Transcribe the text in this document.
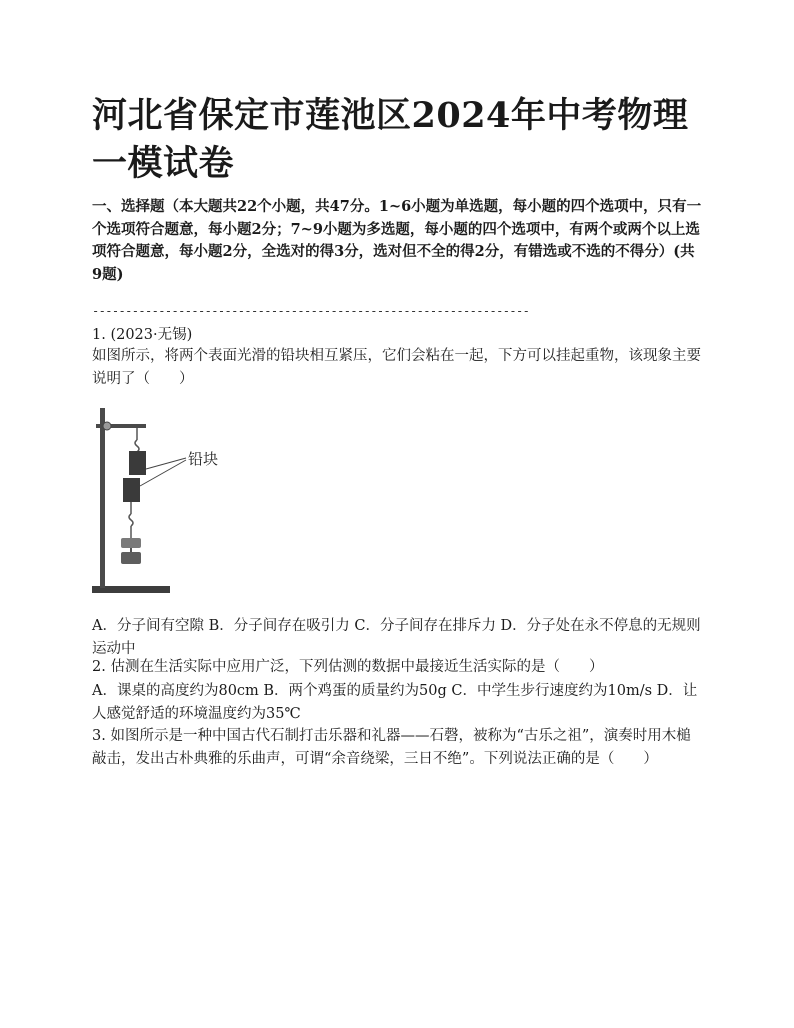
河北省保定市莲池区2024年中考物理一模试卷
一、选择题（本大题共22个小题，共47分。1~6小题为单选题，每小题的四个选项中，只有一个选项符合题意，每小题2分；7~9小题为多选题，每小题的四个选项中，有两个或两个以上选项符合题意，每小题2分，全选对的得3分，选对但不全的得2分，有错选或不选的不得分）(共9题)
------------------------------------------------------------------
1. (2023·无锡)
如图所示，将两个表面光滑的铅块相互紧压，它们会粘在一起，下方可以挂起重物，该现象主要说明了（　　）
铅块
A．分子间有空隙 B．分子间存在吸引力 C．分子间存在排斥力 D．分子处在永不停息的无规则运动中
2. 估测在生活实际中应用广泛，下列估测的数据中最接近生活实际的是（　　）
A．课桌的高度约为80cm B．两个鸡蛋的质量约为50g C．中学生步行速度约为10m/s D．让人感觉舒适的环境温度约为35℃
3. 如图所示是一种中国古代石制打击乐器和礼器——石磬，被称为“古乐之祖”，演奏时用木槌敲击，发出古朴典雅的乐曲声，可谓“余音绕梁，三日不绝”。下列说法正确的是（　　）
